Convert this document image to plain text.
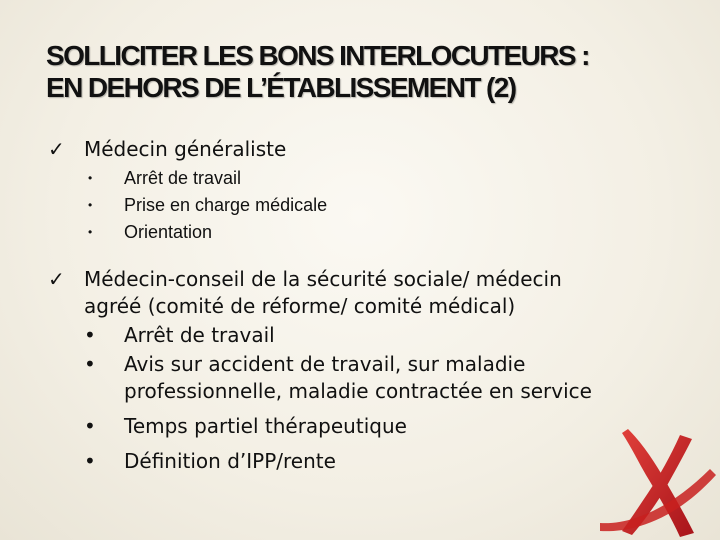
SOLLICITER LES BONS INTERLOCUTEURS :
EN DEHORS DE L’ÉTABLISSEMENT (2)
✓ Médecin généraliste
• Arrêt de travail
• Prise en charge médicale
• Orientation
✓ Médecin-conseil de la sécurité sociale/ médecin
agréé (comité de réforme/ comité médical)
• Arrêt de travail
• Avis sur accident de travail, sur maladie
professionnelle, maladie contractée en service
• Temps partiel thérapeutique
• Définition d’IPP/rente
